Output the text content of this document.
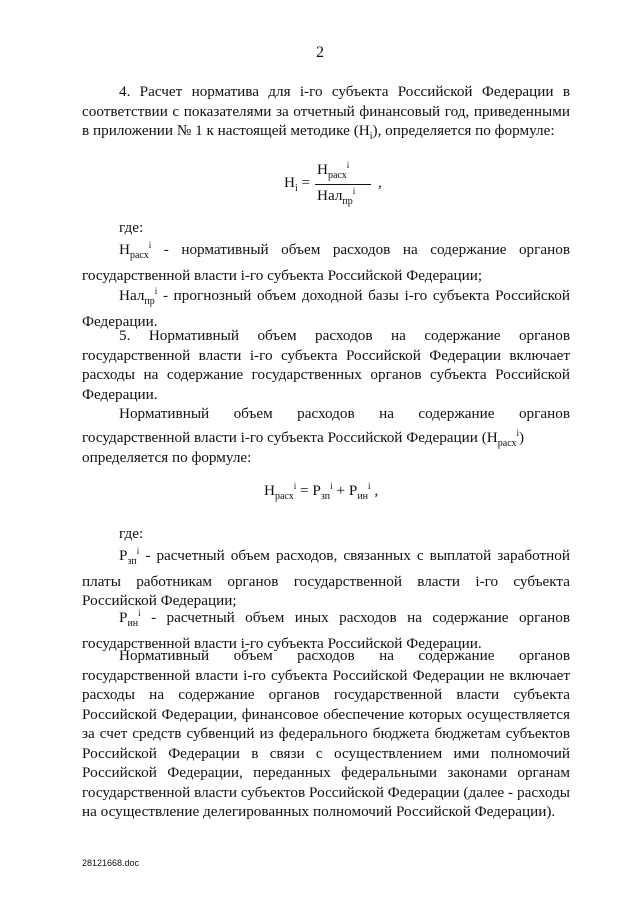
2
4. Расчет норматива для i-го субъекта Российской Федерации в соответствии с показателями за отчетный финансовый год, приведенными в приложении № 1 к настоящей методике $(H_i)$, определяется по формуле:
$H_i$ =
$H_{расх}^i$
Нал$_{пр}^i$ ,
где:
$H_{расх}^i$ - нормативный объем расходов на содержание органов государственной власти i-го субъекта Российской Федерации;
Нал$_{пр}^i$ - прогнозный объем доходной базы i-го субъекта Российской Федерации.
5. Нормативный объем расходов на содержание органов государственной власти i-го субъекта Российской Федерации включает расходы на содержание государственных органов субъекта Российской Федерации.
Нормативный объем расходов на содержание органов государственной власти i-го субъекта Российской Федерации $(H_{расх}^i)$
определяется по формуле:
$H_{расх}^i = P_{зп}^i + P_{ин}^i$ ,
где:
$P_{зп}^i$ - расчетный объем расходов, связанных с выплатой заработной платы работникам органов государственной власти i-го субъекта Российской Федерации;
$P_{ин}^i$ - расчетный объем иных расходов на содержание органов государственной власти i-го субъекта Российской Федерации.
Нормативный объем расходов на содержание органов государственной власти i-го субъекта Российской Федерации не включает расходы на содержание органов государственной власти субъекта Российской Федерации, финансовое обеспечение которых осуществляется за счет средств субвенций из федерального бюджета бюджетам субъектов Российской Федерации в связи с осуществлением ими полномочий Российской Федерации, переданных федеральными законами органам государственной власти субъектов Российской Федерации (далее - расходы на осуществление делегированных полномочий Российской Федерации).
28121668.doc
